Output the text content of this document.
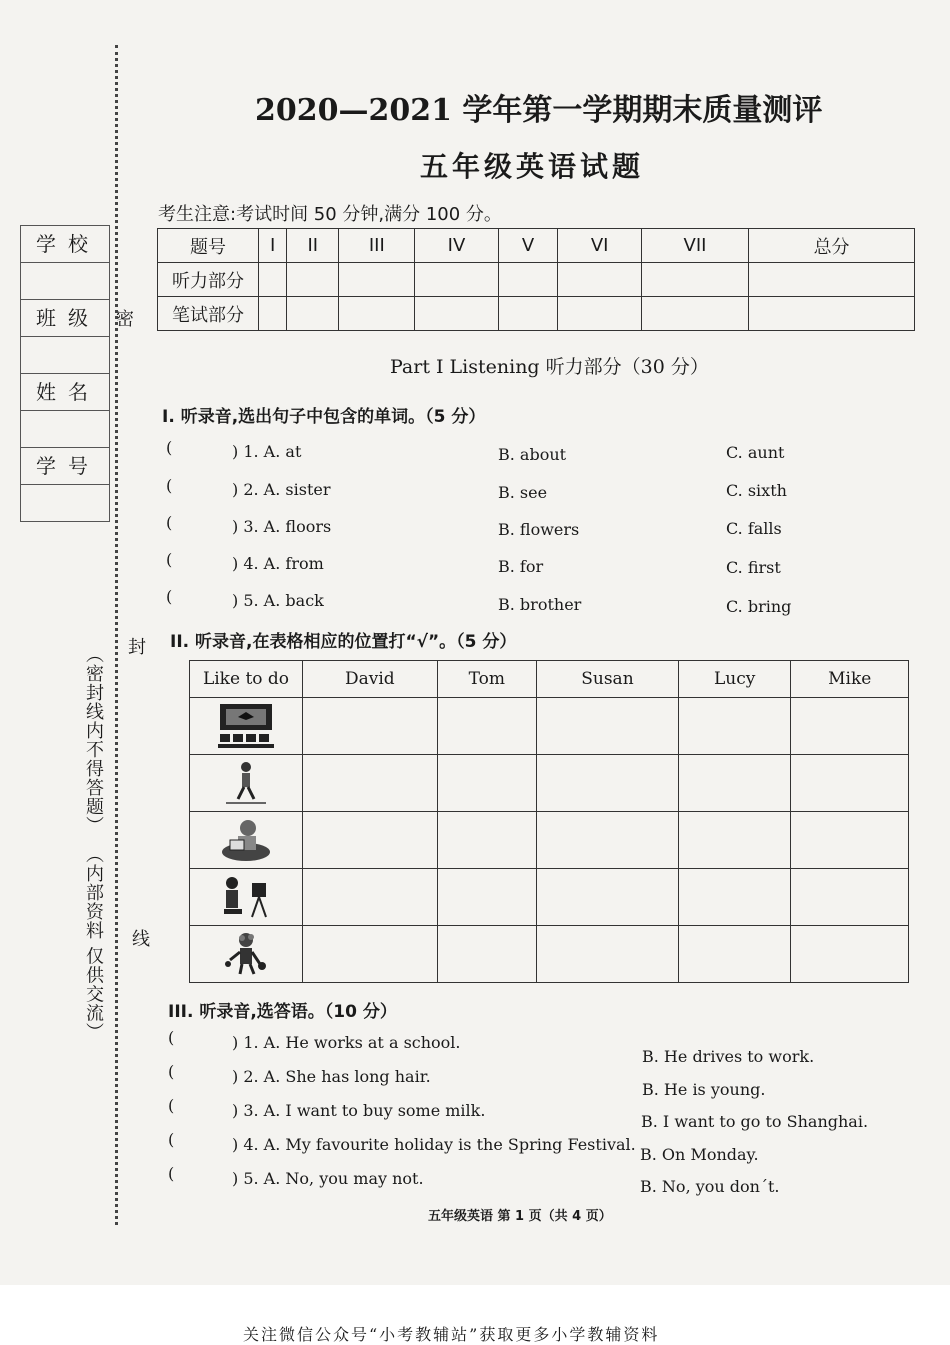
密
封
线
学校
班级
姓名
学号
（密封线内不得答题）
（内部资料 仅供交流）
2020—2021 学年第一学期期末质量测评
五年级英语试题
考生注意:考试时间 50 分钟,满分 100 分。
题号	I	II	III	IV	V	VI	VII	总分
听力部分								
笔试部分								
Part I Listening 听力部分（30 分）
I. 听录音,选出句子中包含的单词。（5 分）
(	) 1. A. at	B. about	C. aunt
(	) 2. A. sister	B. see	C. sixth
(	) 3. A. floors	B. flowers	C. falls
(	) 4. A. from	B. for	C. first
(	) 5. A. back	B. brother	C. bring
II. 听录音,在表格相应的位置打“√”。（5 分）
Like to do	David	Tom	Susan	Lucy	Mike

III. 听录音,选答语。（10 分）
(	) 1. A. He works at a school.
B. He drives to work.
(	) 2. A. She has long hair.
B. He is young.
(	) 3. A. I want to buy some milk.
B. I want to go to Shanghai.
(	) 4. A. My favourite holiday is the Spring Festival.
B. On Monday.
(	) 5. A. No, you may not.	B. No, you don´t.
五年级英语 第 1 页（共 4 页）
关注微信公众号“小考教辅站”获取更多小学教辅资料
